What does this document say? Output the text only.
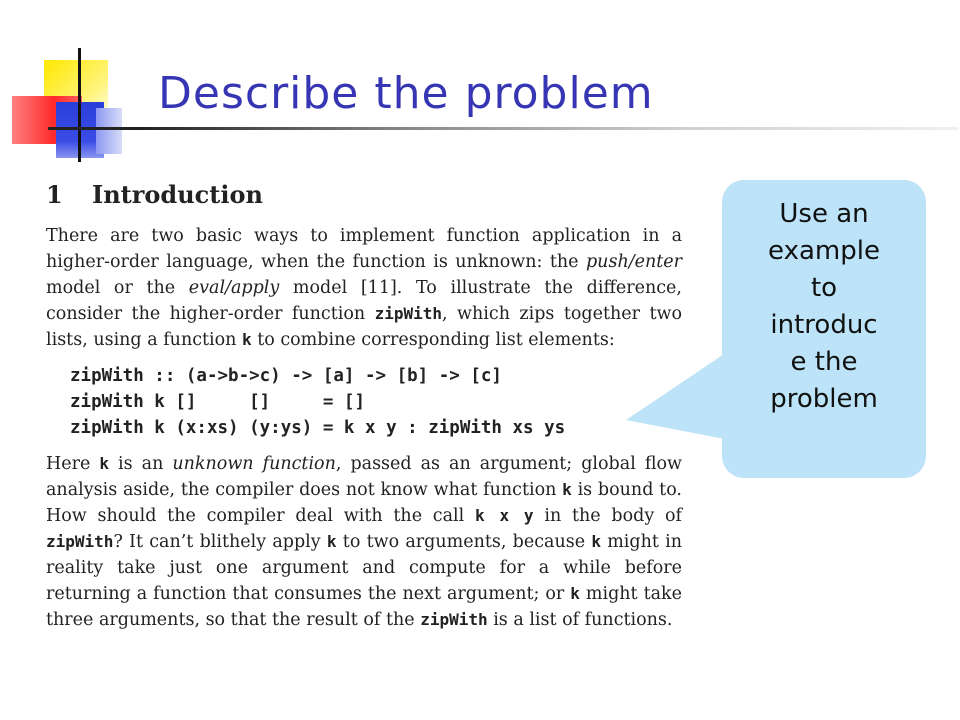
Describe the problem
1 Introduction

There are two basic ways to implement function application in a higher-order language, when the function is unknown: the push/enter model or the eval/apply model [11]. To illustrate the difference, consider the higher-order function zipWith, which zips together two lists, using a function k to combine corresponding list elements:

zipWith :: (a->b->c) -> [a] -> [b] -> [c]
zipWith k []     []     = []
zipWith k (x:xs) (y:ys) = k x y : zipWith xs ys

Here k is an unknown function, passed as an argument; global flow analysis aside, the compiler does not know what function k is bound to. How should the compiler deal with the call k x y in the body of zipWith? It can’t blithely apply k to two arguments, because k might in reality take just one argument and compute for a while before returning a function that consumes the next argument; or k might take three arguments, so that the result of the zipWith is a list of functions.

Use an
example
to
introduc
e the
problem
